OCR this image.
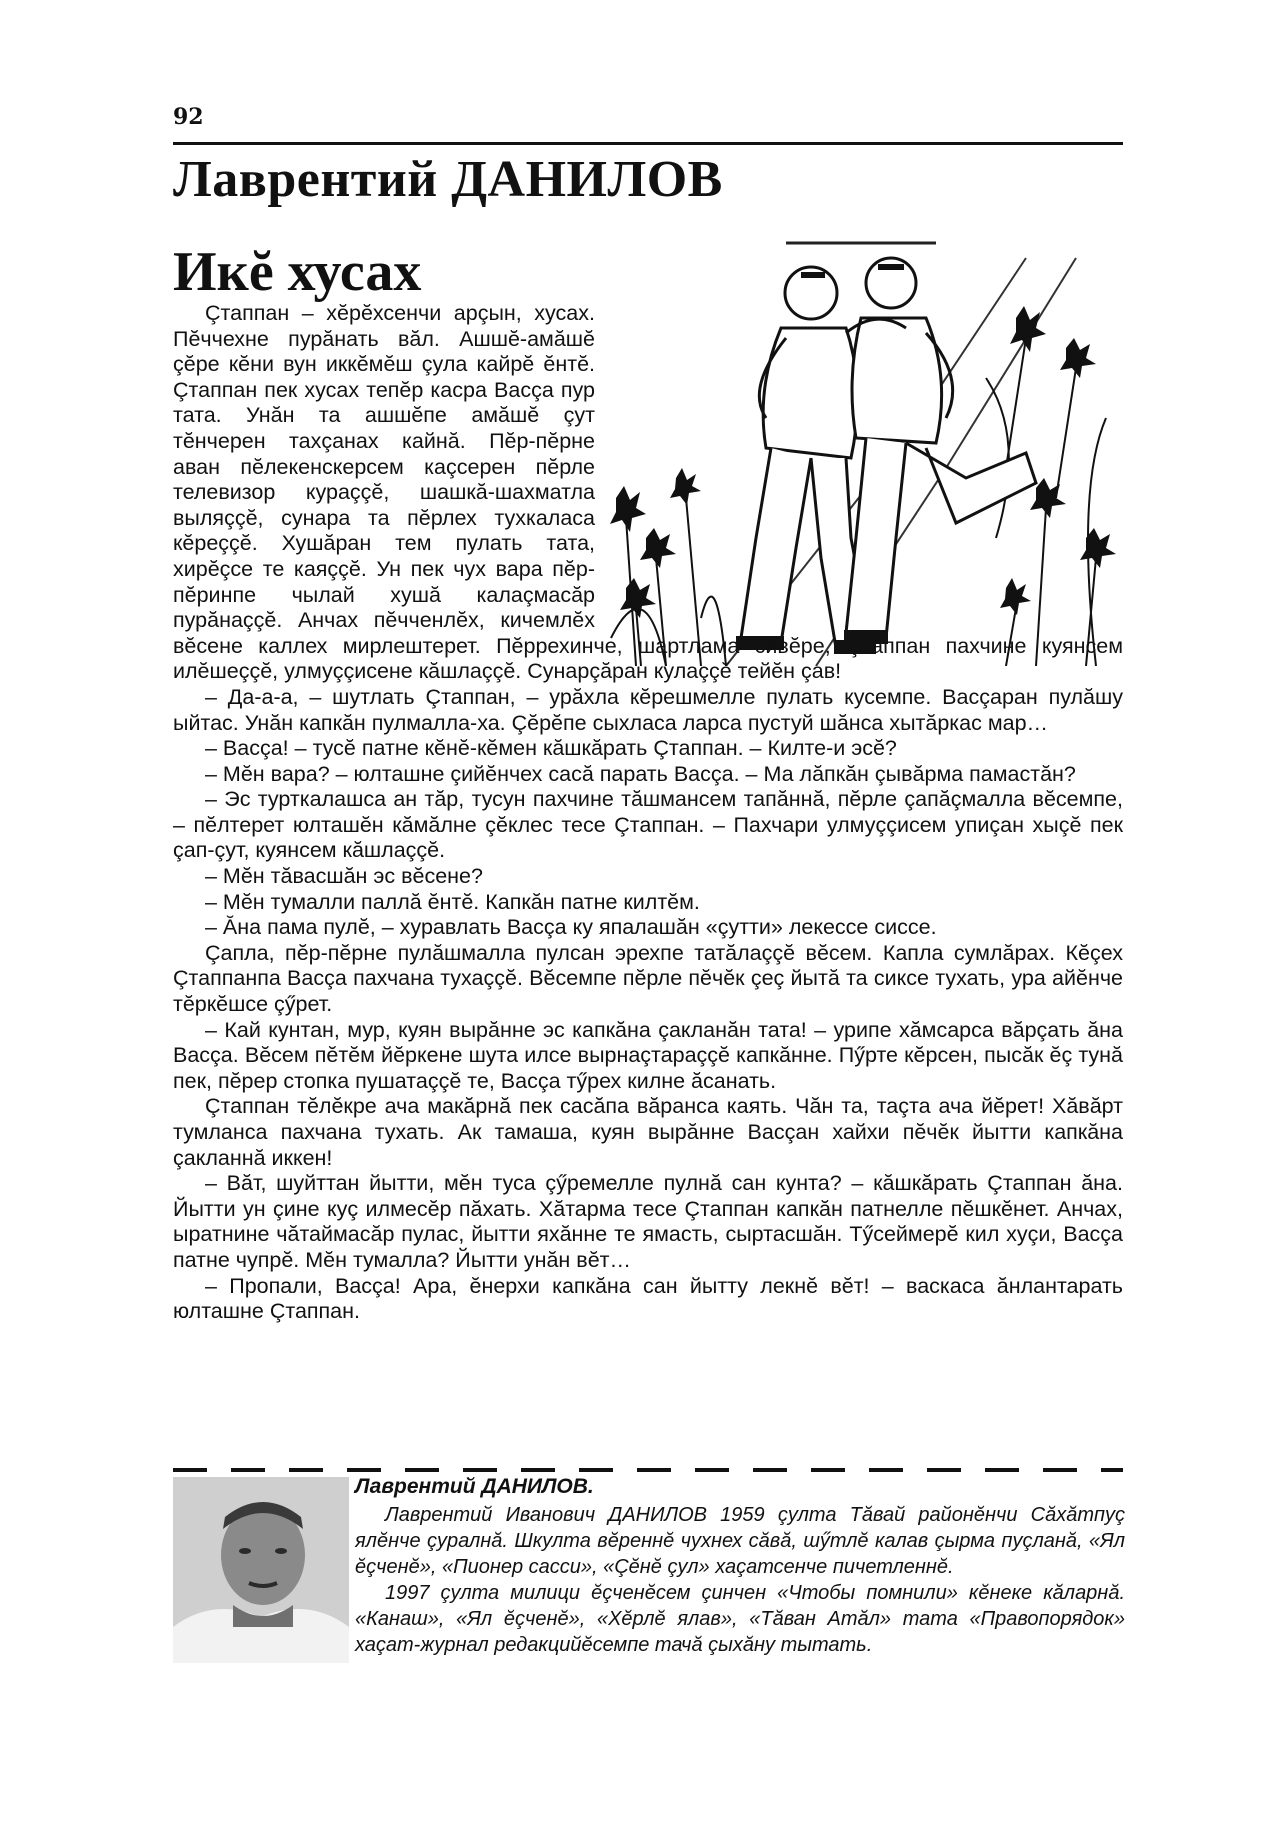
92
Лаврентий ДАНИЛОВ
Икĕ хусах

Çтаппан – хĕрĕхсенчи арçын, хусах. Пĕччехне пурăнать вăл. Ашшĕ-амăшĕ çĕре кĕни вун иккĕмĕш çула кайрĕ ĕнтĕ. Çтаппан пек хусах тепĕр касра Васçа пур тата. Унăн та ашшĕпе амăшĕ çут тĕнчерен тахçанах кайнă. Пĕр-пĕрне аван пĕлекенскерсем каçсерен пĕрле телевизор кураççĕ, шашкă-шахматла выляççĕ, сунара та пĕрлех тухкаласа кĕреççĕ. Хушăран тем пулать тата, хирĕçсе те каяççĕ. Ун пек чух вара пĕр-пĕринпе чылай хушă калаçмасăр пурăнаççĕ. Анчах пĕчченлĕх, кичемлĕх вĕсене каллех мирлештерет. Пĕррехинче, шартлама сивĕре, Çтаппан пахчине куянсем илĕшеççĕ, улмуççисене кăшлаççĕ. Сунарçăран кулаççĕ тейĕн çав!

– Да-а-а, – шутлать Çтаппан, – урăхла кĕрешмелле пулать кусемпе. Васçаран пулăшу ыйтас. Унăн капкăн пулмалла-ха. Çĕрĕпе сыхласа ларса пустуй шăнса хытăркас мар…

– Васçа! – тусĕ патне кĕнĕ-кĕмен кăшкăрать Çтаппан. – Килте-и эсĕ?

– Мĕн вара? – юлташне çийĕнчех сасă парать Васçа. – Ма лăпкăн çывăрма памастăн?

– Эс турткалашса ан тăр, тусун пахчине тăшмансем тапăннă, пĕрле çапăçмалла вĕсемпе, – пĕлтерет юлташĕн кăмăлне çĕклес тесе Çтаппан. – Пахчари улмуççисем упиçан хыçĕ пек çап-çут, куянсем кăшлаççĕ.

– Мĕн тăвасшăн эс вĕсене?

– Мĕн тумалли паллă ĕнтĕ. Капкăн патне килтĕм.

– Ăна пама пулĕ, – хуравлать Васçа ку япалашăн «çутти» лекессе сиссе.

Çапла, пĕр-пĕрне пулăшмалла пулсан эрехпе татăлаççĕ вĕсем. Капла сумлăрах. Кĕçех Çтаппанпа Васçа пахчана тухаççĕ. Вĕсемпе пĕрле пĕчĕк çеç йытă та сиксе тухать, ура айĕнче тĕркĕшсе çӳрет.

– Кай кунтан, мур, куян вырăнне эс капкăна çакланăн тата! – урипе хăмсарса вăрçать ăна Васçа. Вĕсем пĕтĕм йĕркене шута илсе вырнаçтараççĕ капкăнне. Пӳрте кĕрсен, пысăк ĕç тунă пек, пĕрер стопка пушатаççĕ те, Васçа тӳрех килне ăсанать.

Çтаппан тĕлĕкре ача макăрнă пек сасăпа вăранса каять. Чăн та, таçта ача йĕрет! Хăвăрт тумланса пахчана тухать. Ак тамаша, куян вырăнне Васçан хайхи пĕчĕк йытти капкăна çакланнă иккен!

– Вăт, шуйттан йытти, мĕн туса çӳремелле пулнă сан кунта? – кăшкăрать Çтаппан ăна. Йытти ун çине куç илмесĕр пăхать. Хăтарма тесе Çтаппан капкăн патнелле пĕшкĕнет. Анчах, ыратнине чăтаймасăр пулас, йытти яхăнне те ямасть, сыртасшăн. Тӳсеймерĕ кил хуçи, Васçа патне чупрĕ. Мĕн тумалла? Йытти унăн вĕт…

– Пропали, Васçа! Ара, ĕнерхи капкăна сан йытту лекнĕ вĕт! – васкаса ăнлантарать юлташне Çтаппан.

Лаврентий ДАНИЛОВ.

Лаврентий Иванович ДАНИЛОВ 1959 çулта Тăвай районĕнчи Сăхăтпуç ялĕнче çуралнă. Шкулта вĕреннĕ чухнех сăвă, шӳтлĕ калав çырма пуçланă, «Ял ĕçченĕ», «Пионер сасси», «Çĕнĕ çул» хаçатсенче пичетленнĕ.

1997 çулта милици ĕçченĕсем çинчен «Чтобы помнили» кĕнеке кăларнă. «Канаш», «Ял ĕçченĕ», «Хĕрлĕ ялав», «Тăван Атăл» тата «Правопорядок» хаçат-журнал редакцийĕсемпе тачă çыхăну тытать.
